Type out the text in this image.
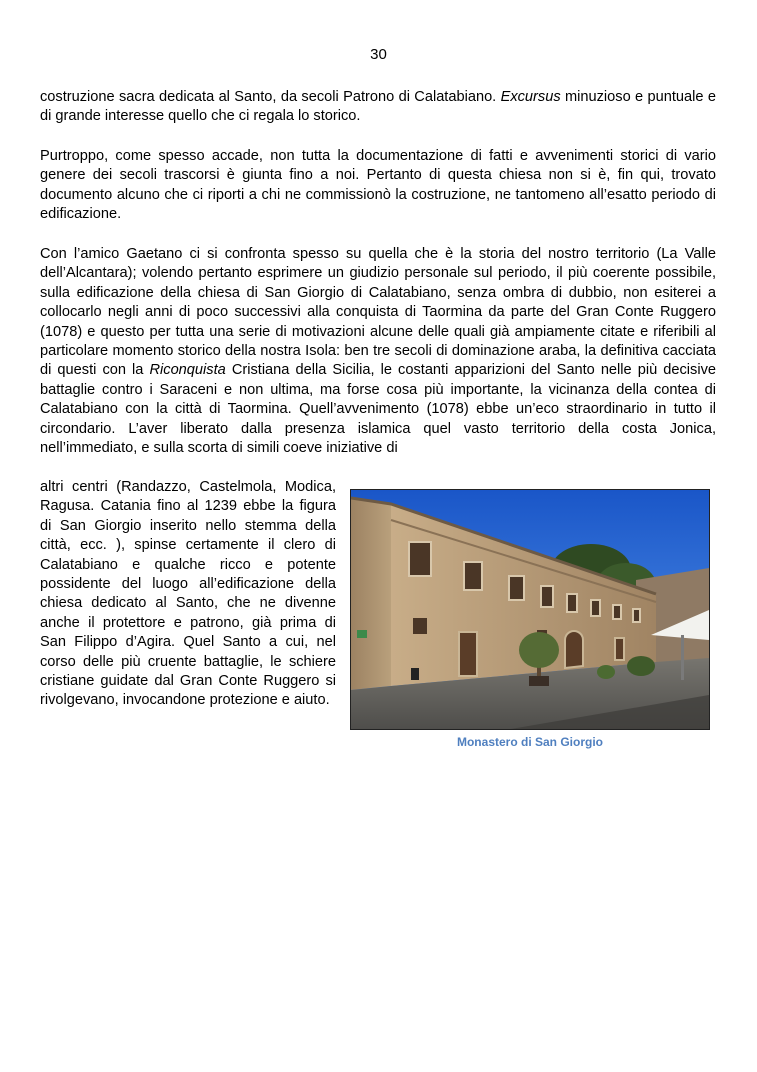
30

costruzione sacra dedicata al Santo, da secoli Patrono di Calatabiano. Excursus minuzioso e puntuale e di grande interesse quello che ci regala lo storico.

Purtroppo, come spesso accade, non tutta la documentazione di fatti e avvenimenti storici di vario genere dei secoli trascorsi è giunta fino a noi. Pertanto di questa chiesa non si è, fin qui, trovato documento alcuno che ci riporti a chi ne commissionò la costruzione, ne tantomeno all’esatto periodo di edificazione.

Con l’amico Gaetano ci si confronta spesso su quella che è la storia del nostro territorio (La Valle dell’Alcantara); volendo pertanto esprimere un giudizio personale sul periodo, il più coerente possibile, sulla edificazione della chiesa di San Giorgio di Calatabiano, senza ombra di dubbio, non esiterei a collocarlo negli anni di poco successivi alla conquista di Taormina da parte del Gran Conte Ruggero (1078) e questo per tutta una serie di motivazioni alcune delle quali già ampiamente citate e riferibili al particolare momento storico della nostra Isola: ben tre secoli di dominazione araba, la definitiva cacciata di questi con la Riconquista Cristiana della Sicilia, le costanti apparizioni del Santo nelle più decisive battaglie contro i Saraceni e non ultima, ma forse cosa più importante, la vicinanza della contea di Calatabiano con la città di Taormina. Quell’avvenimento (1078) ebbe un’eco straordinario in tutto il circondario. L’aver liberato dalla presenza islamica quel vasto territorio della costa Jonica, nell’immediato, e sulla scorta di simili coeve iniziative di

altri centri (Randazzo, Castelmola, Modica, Ragusa. Catania fino al 1239 ebbe la figura di San Giorgio inserito nello stemma della città, ecc. ), spinse certamente il clero di Calatabiano e qualche ricco e potente possidente del luogo all’edificazione della chiesa dedicato al Santo, che ne divenne anche il protettore e patrono, già prima di San Filippo d’Agira. Quel Santo a cui, nel corso delle più cruente battaglie, le schiere cristiane guidate dal Gran Conte Ruggero si rivolgevano, invocandone protezione e aiuto.

Monastero di San Giorgio
